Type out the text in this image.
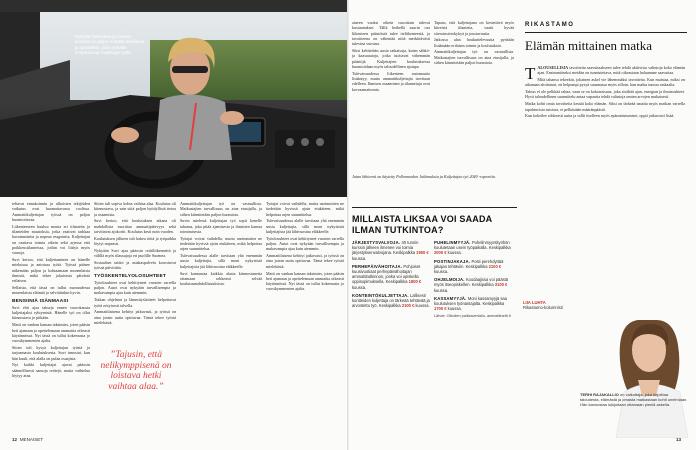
Nykyään busseissa ja kuorma-autoissa on paljon erilaista tekniikkaa ja apulaitteita, joilla pyritään helpottamaan kuljettajan työtä.

teltavat ennakoinnin ja ulkoisten tekijöiden vaikutus ovat huomattavassa roolissa. Ammattikuljettajan työssä on paljon huomioitavaa.

Liikenteeseen kuuluu monia eri tilanteita ja tilanteiden muutoksia, jotka vaativat tarkkaa havainnointia ja nopeaa reagointia. Kuljettajan on osattava toimia oikein sekä arjessa että poikkeustilanteissa, joihin voi liittyä myös vaaroja.

Suvi kertoo, että kuljettaminen on hänelle mieluisaa ja antoisaa työtä. Työssä pääsee näkemään paljon ja kohtaamaan monenlaisia ihmisiä, mikä tekee jokaisesta päivästä erilaisen.

Sellaista, että tässä on tullut nuoruudessa monenlaisia eläimiä ja selvittiinkin hyvin.

BENSIINIÄ ISÄNMAASI

Suvi ehti ajaa takseja ennen vuorokausia kuljettajaksi ryhtymistä. Hänelle työ on ollut kiinnostava jo pitkään.

Matti on vanhan kansan taksimies, joten pääsin heti ajamaan ja opettelemaan ammattia oikeasti käytännössä. Nyt tässä on tullut kokemusta jo vuosikymmenten ajalta.

Sitten tuli kysyä kuljettajan työstä ja tarjoamasta koulutuksesta. Suvi innostui, kun hän kuuli, että alalla on pulaa osaajista.

Nyt kaikki kuljettajat ajavat pääosin säännöllisesti samoja reittejä, mutta vaihtelua löytyy aina.

Sitten tuli sopiva kohta vaihtaa alaa. Koulutus oli kiinnostava, ja sain siitä paljon hyödyllistä tietoa ja osaamista.

Suvi kertoo, että koulutuksen aikana oli mahdollista suorittaa ammattipätevyys sekä tarvittavat ajokortit. Koulutus kesti noin vuoden.

Koulutuksen jälkeen tuli hakea töitä ja työpaikka löytyi nopeasti.

Nykyään Suvi ajaa pääosin reittiliikennettä ja välillä myös tilausajoja eri puolille Suomea.

Sosiaaliset taidot ja asiakaspalvelu korostuvat työssä päivittäin.

TYÖSKENTELYOLOSUHTEET

Työolosuhteet ovat kehittyneet vuosien varrella paljon. Autot ovat nykyään turvallisempia ja mukavampia ajaa kuin aiemmin.

Tutkan ohjelmat ja lämmityslaitteet helpottavat työtä erityisesti talvella.

Ammattilaisena kehityt jatkuvasti, ja työssä on aina jotain uutta opittavaa. Tämä tekee työstä mielekästä.

”Tajusin, että nelikymppisenä on loistava hetki vaihtaa alaa.”

Ammattikuljettajan työ on vastuullista. Matkustajien turvallisuus on aina etusijalla, ja siihen kiinnitetään paljon huomiota.

Suvin mielestä kuljettajan työ sopii kenelle tahansa, joka pitää ajamisesta ja ihmisten kanssa toimimisesta.

Työajat voivat vaihdella, mutta useimmiten ne tiedetään hyvissä ajoin etukäteen, mikä helpottaa arjen suunnittelua.

Tulevaisuudessa alalle tarvitaan yhä enemmän uusia kuljettajia, sillä moni nykyisistä kuljettajista jää lähivuosina eläkkeelle.

Suvi kannustaa kaikkia alasta kiinnostuneita ottamaan rohkeasti selvää koulutusmahdollisuuksista.

Työajat voivat vaihdella, mutta useimmiten ne tiedetään hyvissä ajoin etukäteen, mikä helpottaa arjen suunnittelua.

Tulevaisuudessa alalle tarvitaan yhä enemmän uusia kuljettajia, sillä moni nykyisistä kuljettajista jää lähivuosina eläkkeelle.

Työolosuhteet ovat kehittyneet vuosien varrella paljon. Autot ovat nykyään turvallisempia ja mukavampia ajaa kuin aiemmin.

Ammattilaisena kehityt jatkuvasti, ja työssä on aina jotain uutta opittavaa. Tämä tekee työstä mielekästä.

Matti on vanhan kansan taksimies, joten pääsin heti ajamaan ja opettelemaan ammattia oikeasti käytännössä. Nyt tässä on tullut kokemusta jo vuosikymmenten ajalta.

12 MENAISET

aineen vuoksi oikein vuosittain tulevat kustannukset. Tällä hetkellä suurin osa liikenteen päästöistä tulee tieliikenteestä, ja tavoitteena on vähentää niitä merkittävästi tulevina vuosina.

Siksi kehitetään uusia ratkaisuja, kuten sähkö- ja kaasuautoja, jotka tuottavat vähemmän päästöjä. Kuljettajien koulutuksessa huomioidaan myös taloudellinen ajotapa.

Tulevaisuudessa liikenteen automaatio lisääntyy, mutta ammattikuljettajia tarvitaan edelleen. Ihmisen osaaminen ja tilannetaju ovat korvaamattomia.

Tapaus, että kuljettajana on kestettävä myös kiireisiä tilanteita, vaatii hyvää stressinsietokykyä ja joustavuutta.

Jatkossa alan houkuttelevuutta pyritään lisäämään erilaisin toimin ja koulutuksin.

Ammattikuljettajan työ on vastuullista. Matkustajien turvallisuus on aina etusijalla, ja siihen kiinnitetään paljon huomiota.

Jutun lähteenä on käytetty Pallomuodon Jutkimuksia ja Kuljettajan työ 2040 -raporttia.
MILLAISTA LIKSAA VOI SAADA ILMAN TUTKINTOA?
JÄRJESTYSVALVOJA. 40 tunnin kurssin jälkeen ilmenee voi toimia järjestyksenvalvojana. Keskipalkka 1900 € kuussa.
PERHEPÄIVÄHOITAJA. Pohjoiset kuusivuotiaat perhepäivähoitajan ammattitutkinnon, jonka voi opiskella oppisopimuksella. Keskipalkka 1800 € kuussa.
KONTEINTÖKULJETTAJA. Lallisesti kontteiden kuljettaja on tärkeää tehtävää ja arvostettu työ. Keskipalkka 2100 € kuussa.
PUHELINMYYJÄ. Puhelinmyyntityöhön koulutetaan usein työpaikalla. Keskipalkka 2000 € kuussa.
POSTINJAKAJA. Posti perehdyttää jakajan tehtäviin. Keskipalkka 2100 € kuussa.
OHJELMOIJA. Koodaajissa voi päästä myös itseopiskellen. Keskipalkka 3100 € kuussa.
KASSAMYYJÄ. Moni kassamyyjä saa koulutuksen työnantajalta. Keskipalkka 1700 € kuussa.
Lähde: Oikotien palkkavertailu, ammattinetti.fi
RIKASTAMO
Elämän mittainen matka
T ALOUSELLISIA tavoitteita saavuttaakseen tulee tehdä aktiivisia valintoja koko elämän ajan. Ensimmäiseksi meidän on tunnistettava, mitä oikeastaan haluamme saavuttaa.

Mitä tahansa tekeekin, jokainen askel vie lähemmäksi tavoitteita. Kun muistaa, miksi on aikanaan aloittanut, on helpompi pysyä suunnassa myös silloin, kun matka tuntuu raskaalta.

Talous ei ole pelkkää rahaa, vaan se on kokonaisuus, joka sisältää ajan, energian ja ihmissuhteet. Hyvä taloudellinen suunnittelu antaa vapautta tehdä valintoja omien arvojen mukaisesti.

Matka kohti omia tavoitteita kestää koko elämän. Siksi on tärkeää nauttia myös matkan varrella tapahtuvista asioista, ei pelkästään määränpäästä.

Kun kokeilee rohkeasti uutta ja sallii itselleen myös epäonnistumiset, oppii jatkuvasti lisää.

LIIA LUHTA
Rikastamo-kolumnisti
TERHI RAJAKALLIO on vaikuttaja, joka kirjoittaa taloudesta, elämästä ja omasta matkastaan kohti unelmiaan. Hän kannustaa lukijoitaan ottamaan pieniä askelia.
13
